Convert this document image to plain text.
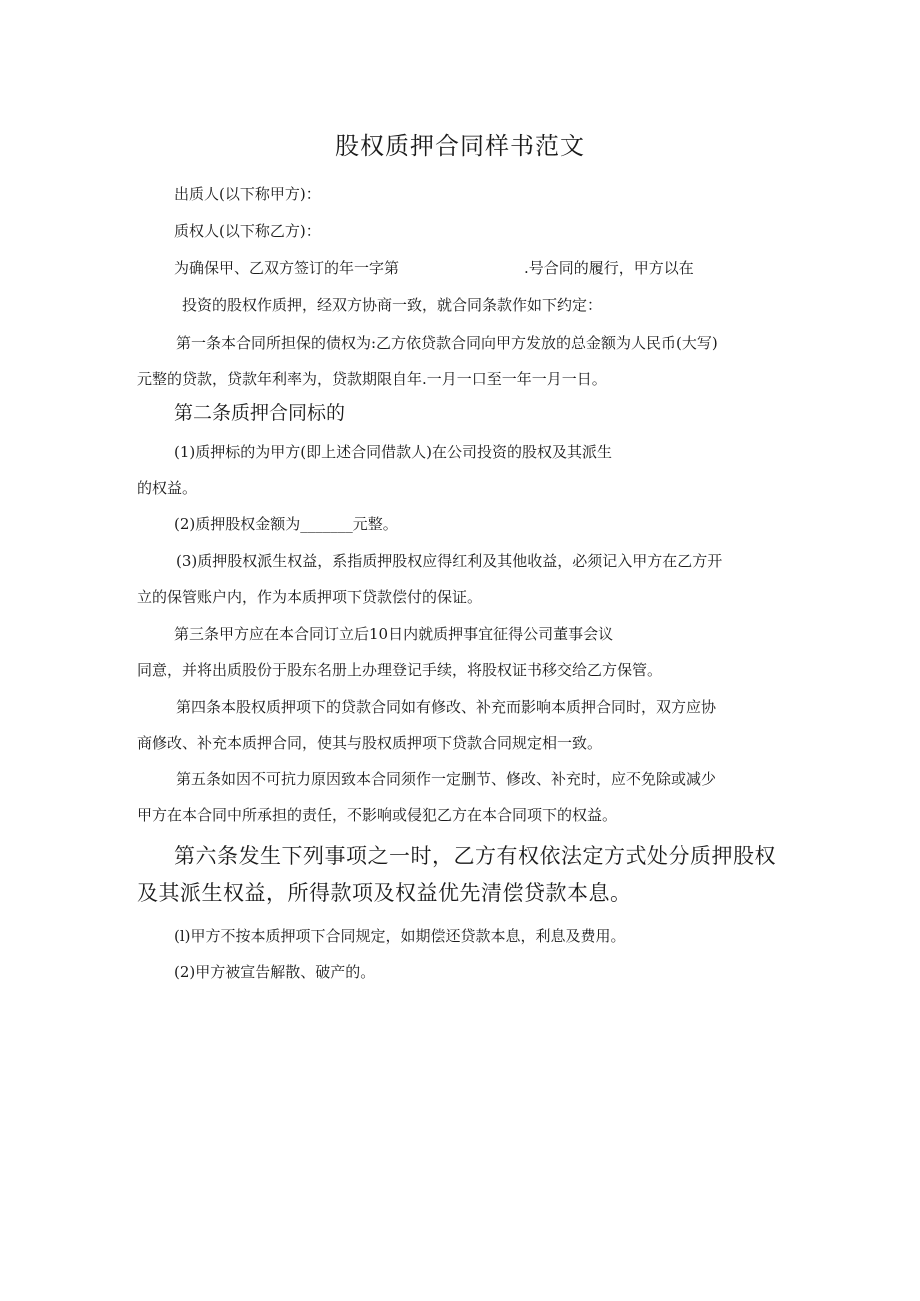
股权质押合同样书范文
出质人(以下称甲方)：
质权人(以下称乙方)：
为确保甲、乙双方签订的年一字第	.号合同的履行，甲方以在
投资的股权作质押，经双方协商一致，就合同条款作如下约定：
第一条本合同所担保的债权为:乙方依贷款合同向甲方发放的总金额为人民币(大写)
元整的贷款，贷款年利率为，贷款期限自年.一月一口至一年一月一日。
第二条质押合同标的
(1)质押标的为甲方(即上述合同借款人)在公司投资的股权及其派生
的权益。
(2)质押股权金额为_______元整。
(3)质押股权派生权益，系指质押股权应得红利及其他收益，必须记入甲方在乙方开
立的保管账户内，作为本质押项下贷款偿付的保证。
第三条甲方应在本合同订立后10日内就质押事宜征得公司董事会议
同意，并将出质股份于股东名册上办理登记手续，将股权证书移交给乙方保管。
第四条本股权质押项下的贷款合同如有修改、补充而影响本质押合同时，双方应协
商修改、补充本质押合同，使其与股权质押项下贷款合同规定相一致。
第五条如因不可抗力原因致本合同须作一定删节、修改、补充时，应不免除或减少
甲方在本合同中所承担的责任，不影响或侵犯乙方在本合同项下的权益。
第六条发生下列事项之一时，乙方有权依法定方式处分质押股权
及其派生权益，所得款项及权益优先清偿贷款本息。
(l)甲方不按本质押项下合同规定，如期偿还贷款本息，利息及费用。
(2)甲方被宣告解散、破产的。
